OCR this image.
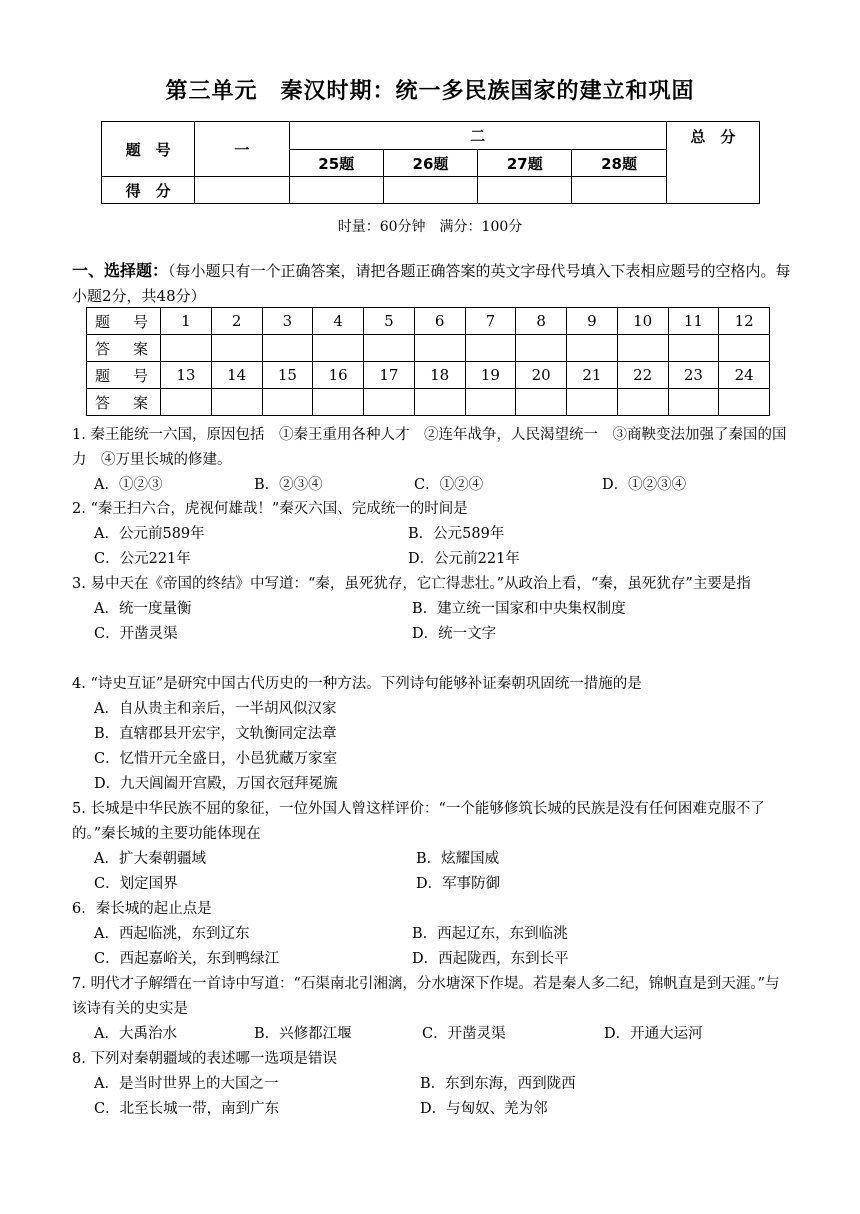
第三单元　秦汉时期：统一多民族国家的建立和巩固
题　号	一	二				总　分
		25题	26题	27题	28题	
得　分						
时量：60分钟　满分：100分
一、选择题：（每小题只有一个正确答案，请把各题正确答案的英文字母代号填入下表相应题号的空格内。每小题2分，共48分）
题　号	1	2	3	4	5	6	7	8	9	10	11	12
答　案												
题　号	13	14	15	16	17	18	19	20	21	22	23	24
答　案												
1. 秦王能统一六国，原因包括　①秦王重用各种人才　②连年战争，人民渴望统一　③商鞅变法加强了秦国的国力　④万里长城的修建。
A．①②③	B．②③④	C．①②④	D．①②③④
2. “秦王扫六合，虎视何雄哉！”秦灭六国、完成统一的时间是
A．公元前589年	B．公元589年
C．公元221年	D．公元前221年
3. 易中天在《帝国的终结》中写道：“秦，虽死犹存，它亡得悲壮。”从政治上看，“秦，虽死犹存”主要是指
A．统一度量衡	B．建立统一国家和中央集权制度
C．开凿灵渠	D．统一文字
4. “诗史互证”是研究中国古代历史的一种方法。下列诗句能够补证秦朝巩固统一措施的是
A．自从贵主和亲后，一半胡风似汉家
B．直辖郡县开宏宇，文轨衡同定法章
C．忆惜开元全盛日，小邑犹藏万家室
D．九天阊阖开宫殿，万国衣冠拜冕旒
5. 长城是中华民族不屈的象征，一位外国人曾这样评价：“一个能够修筑长城的民族是没有任何困难克服不了的。”秦长城的主要功能体现在
A．扩大秦朝疆域	B．炫耀国威
C．划定国界	D．军事防御
6．秦长城的起止点是
A．西起临洮，东到辽东	B．西起辽东，东到临洮
C．西起嘉峪关，东到鸭绿江	D．西起陇西，东到长平
7. 明代才子解缙在一首诗中写道：“石渠南北引湘漓，分水塘深下作堤。若是秦人多二纪，锦帆直是到天涯。”与该诗有关的史实是
A．大禹治水	B．兴修都江堰	C．开凿灵渠	D．开通大运河
8. 下列对秦朝疆域的表述哪一选项是错误
A．是当时世界上的大国之一	B．东到东海，西到陇西
C．北至长城一带，南到广东	D．与匈奴、羌为邻
